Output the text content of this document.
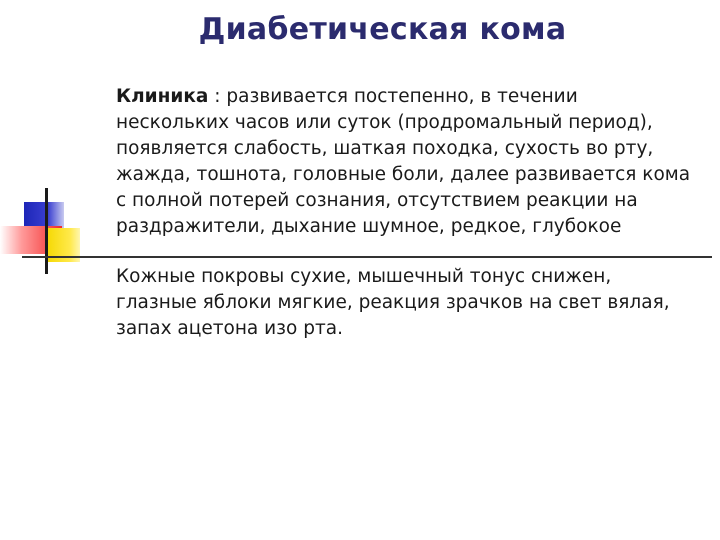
Диабетическая кома

Клиника : развивается постепенно, в течении нескольких часов или суток (продромальный период), появляется слабость, шаткая походка, сухость во рту, жажда, тошнота, головные боли, далее развивается кома с полной потерей сознания, отсутствием реакции на раздражители, дыхание шумное, редкое, глубокое

Кожные покровы сухие, мышечный тонус снижен, глазные яблоки мягкие, реакция зрачков на свет вялая, запах ацетона изо рта.
